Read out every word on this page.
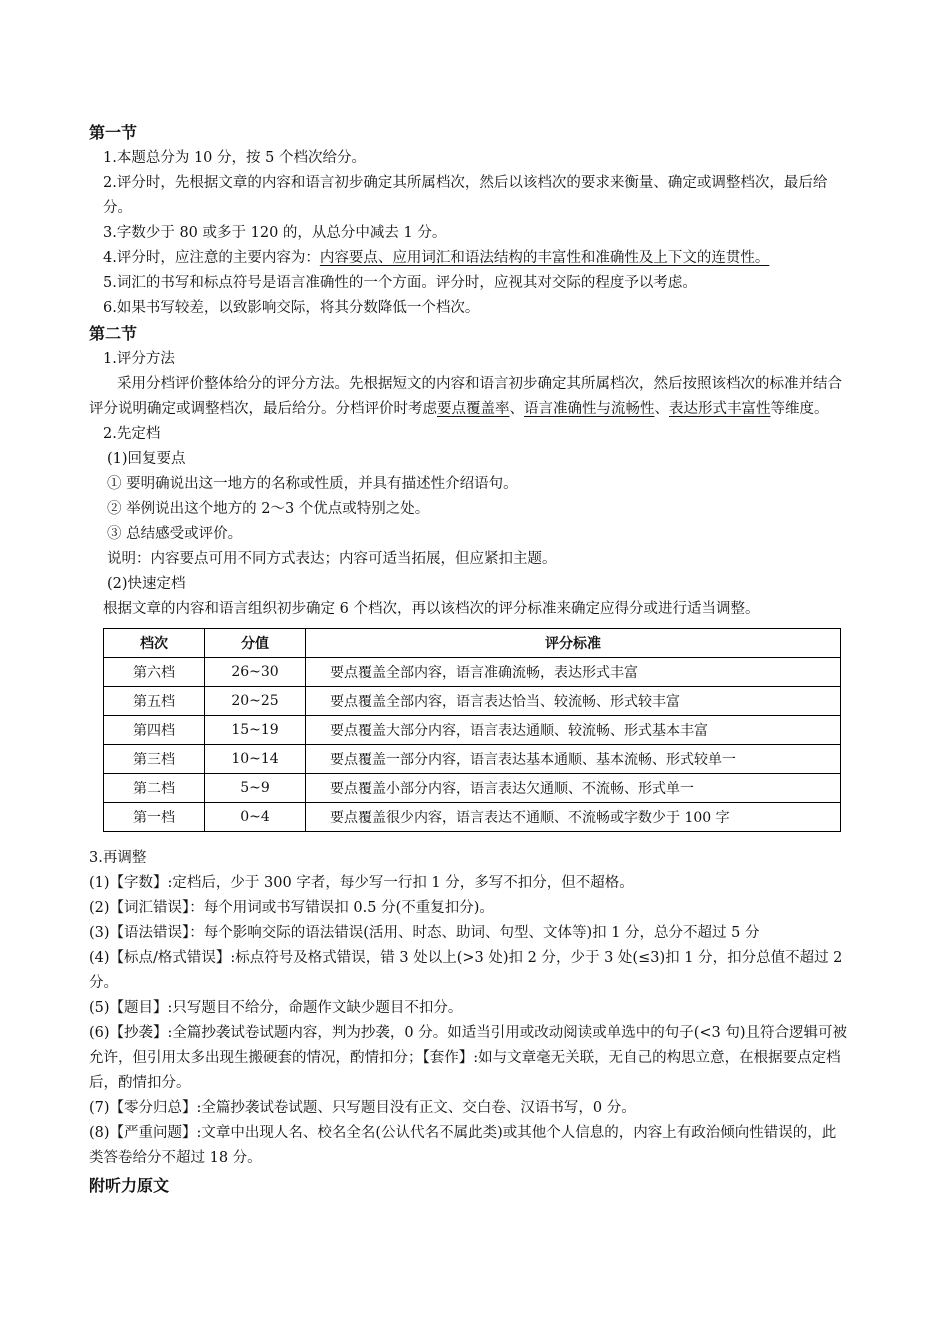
第一节
1.本题总分为 10 分，按 5 个档次给分。
2.评分时，先根据文章的内容和语言初步确定其所属档次，然后以该档次的要求来衡量、确定或调整档次，最后给分。
3.字数少于 80 或多于 120 的，从总分中减去 1 分。
4.评分时，应注意的主要内容为：内容要点、应用词汇和语法结构的丰富性和准确性及上下文的连贯性。
5.词汇的书写和标点符号是语言准确性的一个方面。评分时，应视其对交际的程度予以考虑。
6.如果书写较差，以致影响交际，将其分数降低一个档次。
第二节
1.评分方法
采用分档评价整体给分的评分方法。先根据短文的内容和语言初步确定其所属档次，然后按照该档次的标准并结合评分说明确定或调整档次，最后给分。分档评价时考虑要点覆盖率、语言准确性与流畅性、表达形式丰富性等维度。
2.先定档
(1)回复要点
① 要明确说出这一地方的名称或性质，并具有描述性介绍语句。
② 举例说出这个地方的 2～3 个优点或特别之处。
③ 总结感受或评价。
说明：内容要点可用不同方式表达；内容可适当拓展，但应紧扣主题。
(2)快速定档
根据文章的内容和语言组织初步确定 6 个档次，再以该档次的评分标准来确定应得分或进行适当调整。
档次	分值	评分标准
第六档	26~30	要点覆盖全部内容，语言准确流畅，表达形式丰富
第五档	20~25	要点覆盖全部内容，语言表达恰当、较流畅、形式较丰富
第四档	15~19	要点覆盖大部分内容，语言表达通顺、较流畅、形式基本丰富
第三档	10~14	要点覆盖一部分内容，语言表达基本通顺、基本流畅、形式较单一
第二档	5~9	要点覆盖小部分内容，语言表达欠通顺、不流畅、形式单一
第一档	0~4	要点覆盖很少内容，语言表达不通顺、不流畅或字数少于 100 字
3.再调整
(1)【字数】:定档后，少于 300 字者，每少写一行扣 1 分，多写不扣分，但不超格。
(2)【词汇错误】：每个用词或书写错误扣 0.5 分(不重复扣分)。
(3)【语法错误】：每个影响交际的语法错误(活用、时态、助词、句型、文体等)扣 1 分，总分不超过 5 分
(4)【标点/格式错误】:标点符号及格式错误，错 3 处以上(>3 处)扣 2 分，少于 3 处(≤3)扣 1 分，扣分总值不超过 2 分。
(5)【题目】:只写题目不给分，命题作文缺少题目不扣分。
(6)【抄袭】:全篇抄袭试卷试题内容，判为抄袭，0 分。如适当引用或改动阅读或单选中的句子(<3 句)且符合逻辑可被允许，但引用太多出现生搬硬套的情况，酌情扣分；【套作】:如与文章毫无关联，无自己的构思立意，在根据要点定档后，酌情扣分。
(7)【零分归总】:全篇抄袭试卷试题、只写题目没有正文、交白卷、汉语书写，0 分。
(8)【严重问题】:文章中出现人名、校名全名(公认代名不属此类)或其他个人信息的，内容上有政治倾向性错误的，此类答卷给分不超过 18 分。
附听力原文
